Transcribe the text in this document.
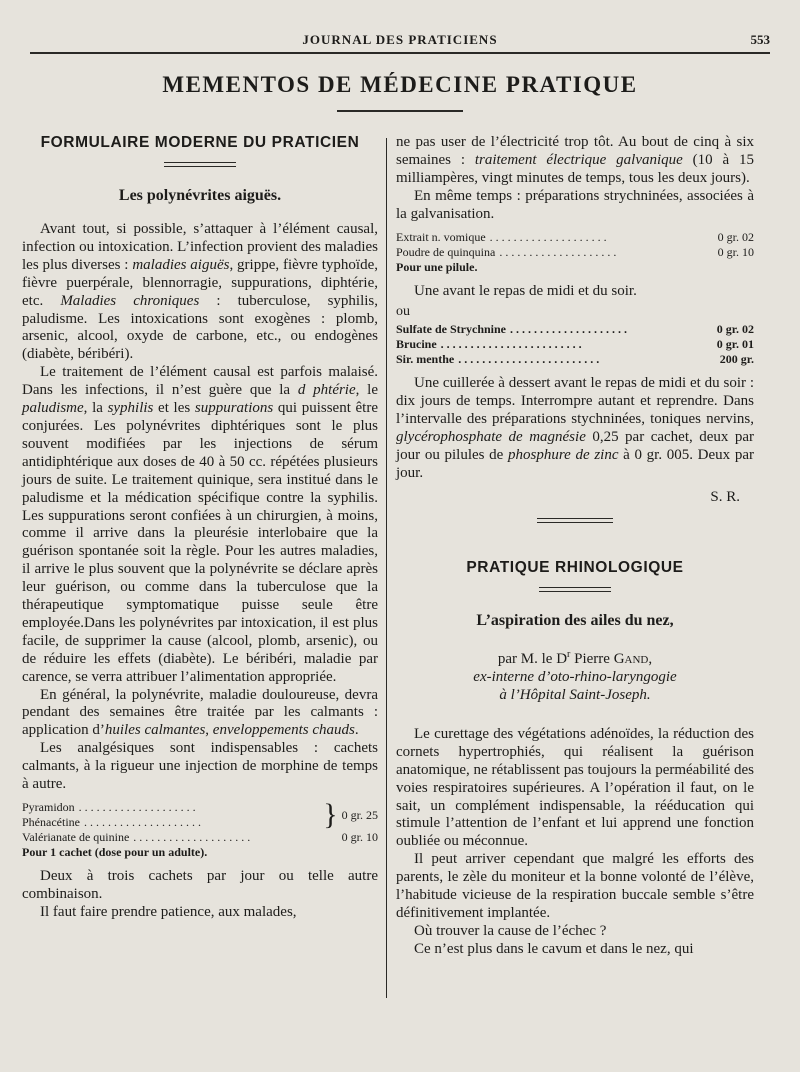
JOURNAL DES PRATICIENS	553
MEMENTOS DE MÉDECINE PRATIQUE
FORMULAIRE MODERNE DU PRATICIEN
Les polynévrites aiguës.

Avant tout, si possible, s’attaquer à l’élément causal, infection ou intoxication. L’infection provient des maladies les plus diverses : maladies aiguës, grippe, fièvre typhoïde, fièvre puerpérale, blennorragie, suppurations, diphtérie, etc. Maladies chroniques : tuberculose, syphilis, paludisme. Les intoxications sont exogènes : plomb, arsenic, alcool, oxyde de carbone, etc., ou endogènes (diabète, béribéri).

Le traitement de l’élément causal est parfois malaisé. Dans les infections, il n’est guère que la d phtérie, le paludisme, la syphilis et les suppurations qui puissent être conjurées. Les polynévrites diphtériques sont le plus souvent modifiées par les injections de sérum antidiphtérique aux doses de 40 à 50 cc. répétées plusieurs jours de suite. Le traitement quinique, sera institué dans le paludisme et la médication spécifique contre la syphilis. Les suppurations seront confiées à un chirurgien, à moins, comme il arrive dans la pleurésie interlobaire que la guérison spontanée soit la règle. Pour les autres maladies, il arrive le plus souvent que la polynévrite se déclare après leur guérison, ou comme dans la tuberculose que la thérapeutique symptomatique puisse seule être employée.Dans les polynévrites par intoxication, il est plus facile, de supprimer la cause (alcool, plomb, arsenic), ou de réduire les effets (diabète). Le béribéri, maladie par carence, se verra attribuer l’alimentation appropriée.

En général, la polynévrite, maladie douloureuse, devra pendant des semaines être traitée par les calmants : application d’huiles calmantes, enveloppements chauds.

Les analgésiques sont indispensables : cachets calmants, à la rigueur une injection de morphine de temps à autre.

Pyramidon . . . . . . . . . . . . . . . . . . . .
Phénacétine . . . . . . . . . . . . . . . . . . . .	} 0 gr. 25
Valérianate de quinine . . . . . . . . . . . . . . . . . . . .	0 gr. 10
Pour 1 cachet (dose pour un adulte).

Deux à trois cachets par jour ou telle autre combinaison.

Il faut faire prendre patience, aux malades,

ne pas user de l’électricité trop tôt. Au bout de cinq à six semaines : traitement électrique galvanique (10 à 15 milliampères, vingt minutes de temps, tous les deux jours).

En même temps : préparations strychninées, associées à la galvanisation.

Extrait n. vomique . . . . . . . . . . . . . . . . . . . .	0 gr. 02
Poudre de quinquina . . . . . . . . . . . . . . . . . . . .	0 gr. 10
Pour une pilule.

Une avant le repas de midi et du soir.

ou
Sulfate de Strychnine . . . . . . . . . . . . . . . . . . . .	0 gr. 02
Brucine . . . . . . . . . . . . . . . . . . . . . . . .	0 gr. 01
Sir. menthe . . . . . . . . . . . . . . . . . . . . . . . .	200 gr.

Une cuillerée à dessert avant le repas de midi et du soir : dix jours de temps. Interrompre autant et reprendre. Dans l’intervalle des préparations stychninées, toniques nervins, glycérophosphate de magnésie 0,25 par cachet, deux par jour ou pilules de phosphure de zinc à 0 gr. 005. Deux par jour.

S. R.
PRATIQUE RHINOLOGIQUE
L’aspiration des ailes du nez,
par M. le $D^r$ Pierre Gand,
ex-interne d’oto-rhino-laryngogie
à l’Hôpital Saint-Joseph.

Le curettage des végétations adénoïdes, la réduction des cornets hypertrophiés, qui réalisent la guérison anatomique, ne rétablissent pas toujours la perméabilité des voies respiratoires supérieures. A l’opération il faut, on le sait, un complément indispensable, la rééducation qui stimule l’attention de l’enfant et lui apprend une fonction oubliée ou méconnue.

Il peut arriver cependant que malgré les efforts des parents, le zèle du moniteur et la bonne volonté de l’élève, l’habitude vicieuse de la respiration buccale semble s’être définitivement implantée.

Où trouver la cause de l’échec ?

Ce n’est plus dans le cavum et dans le nez, qui
